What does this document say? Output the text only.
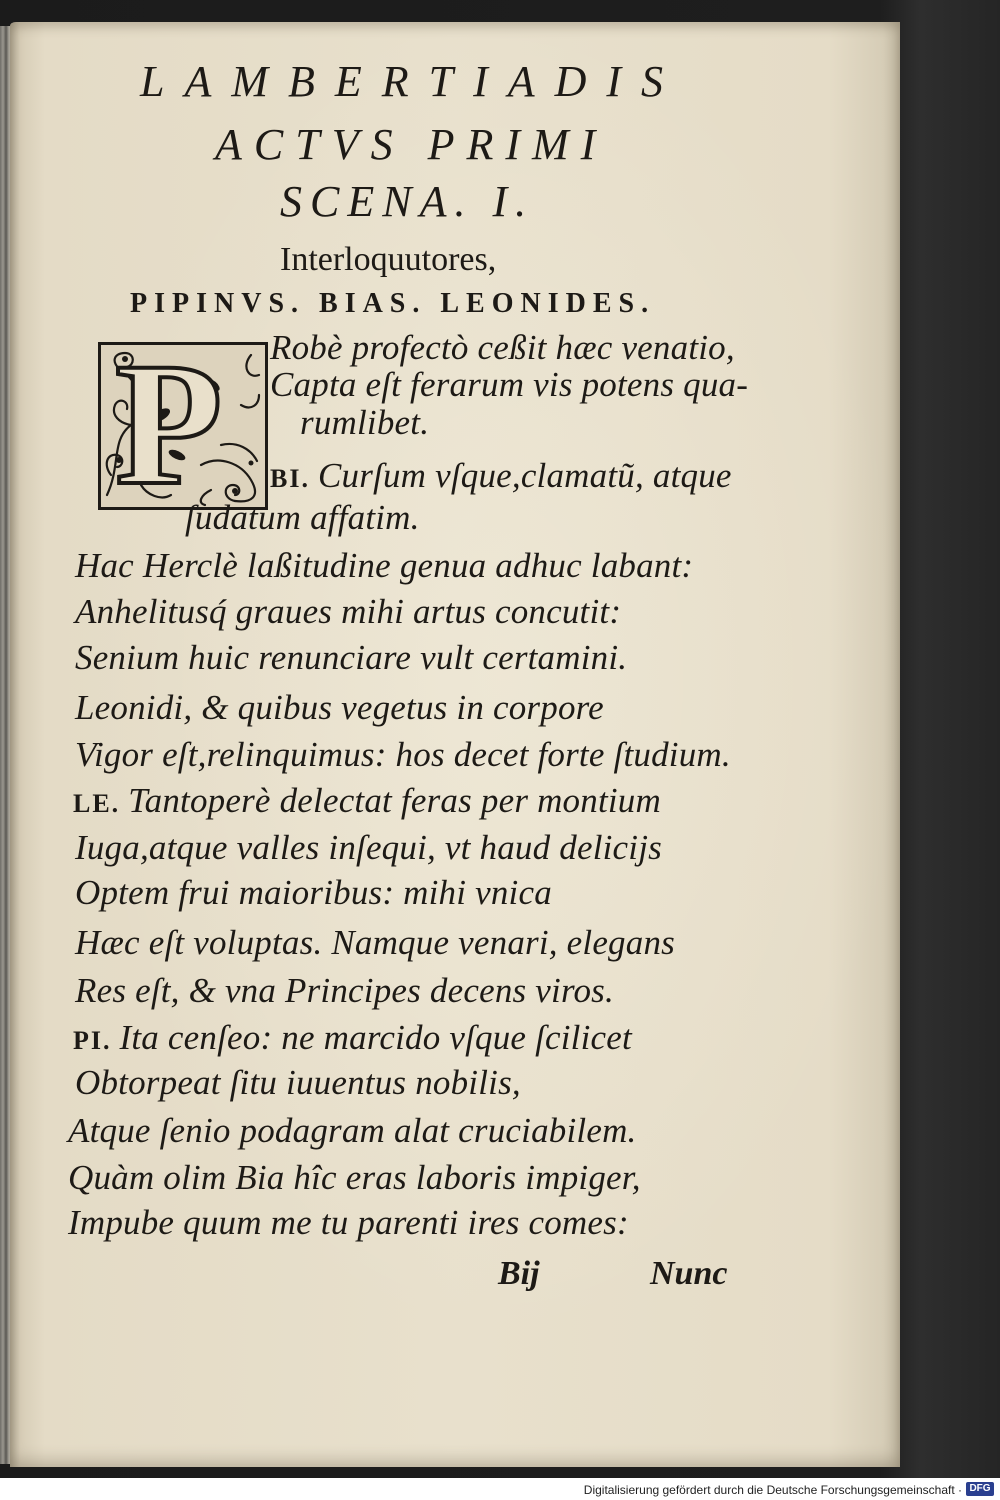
LAMBERTIADIS
ACTVS PRIMI
SCENA. I.
Interloquutores,
PIPINVS. BIAS. LEONIDES.
P Robè profectò ceßit hæc venatio,
Capta eſt ferarum vis potens qua-
rumlibet.
BI. Curſum vſque,clamatũ, atque
ſudatum affatim.
Hac Herclè laßitudine genua adhuc labant:
Anhelitusq́ graues mihi artus concutit:
Senium huic renunciare vult certamini.
Leonidi, & quibus vegetus in corpore
Vigor eſt,relinquimus: hos decet forte ſtudium.
LE. Tantoperè delectat feras per montium
Iuga,atque valles inſequi, vt haud delicijs
Optem frui maioribus: mihi vnica
Hæc eſt voluptas. Namque venari, elegans
Res eſt, & vna Principes decens viros.
PI. Ita cenſeo: ne marcido vſque ſcilicet
Obtorpeat ſitu iuuentus nobilis,
Atque ſenio podagram alat cruciabilem.
Quàm olim Bia hîc eras laboris impiger,
Impube quum me tu parenti ires comes:
Bij	Nunc
Digitalisierung gefördert durch die Deutsche Forschungsgemeinschaft · DFG
